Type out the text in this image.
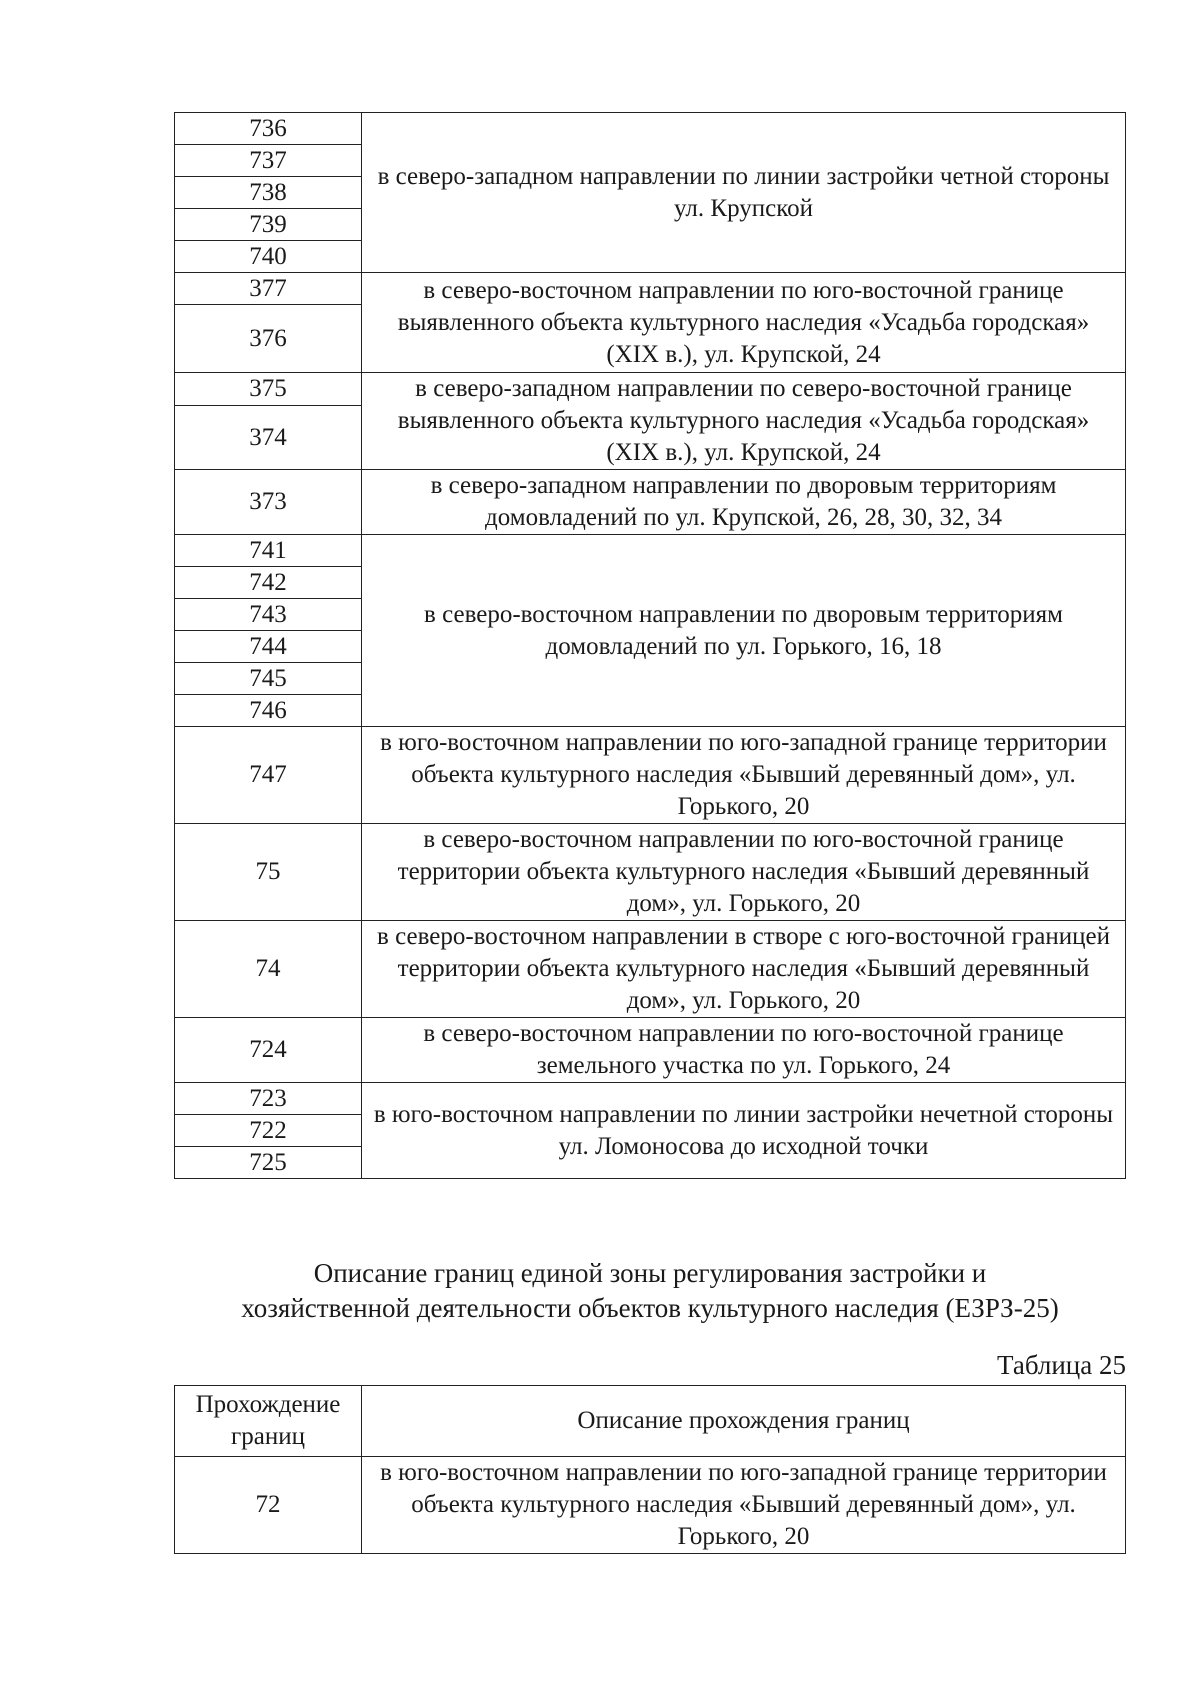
736	в северо-западном направлении по линии застройки четной стороны ул. Крупской
737	
738	
739	
740	
377	в северо-восточном направлении по юго-восточной границе выявленного объекта культурного наследия «Усадьба городская» (XIX в.), ул. Крупской, 24
376	
375	в северо-западном направлении по северо-восточной границе выявленного объекта культурного наследия «Усадьба городская» (XIX в.), ул. Крупской, 24
374	
373	в северо-западном направлении по дворовым территориям домовладений по ул. Крупской, 26, 28, 30, 32, 34
741	в северо-восточном направлении по дворовым территориям домовладений по ул. Горького, 16, 18
742	
743	
744	
745	
746	
747	в юго-восточном направлении по юго-западной границе территории объекта культурного наследия «Бывший деревянный дом», ул. Горького, 20
75	в северо-восточном направлении по юго-восточной границе территории объекта культурного наследия «Бывший деревянный дом», ул. Горького, 20
74	в северо-восточном направлении в створе с юго-восточной границей территории объекта культурного наследия «Бывший деревянный дом», ул. Горького, 20
724	в северо-восточном направлении по юго-восточной границе земельного участка по ул. Горького, 24
723	в юго-восточном направлении по линии застройки нечетной стороны ул. Ломоносова до исходной точки
722	
725	
Описание границ единой зоны регулирования застройки и
хозяйственной деятельности объектов культурного наследия (ЕЗРЗ-25)
Таблица 25
Прохождение границ	Описание прохождения границ
72	в юго-восточном направлении по юго-западной границе территории объекта культурного наследия «Бывший деревянный дом», ул. Горького, 20
